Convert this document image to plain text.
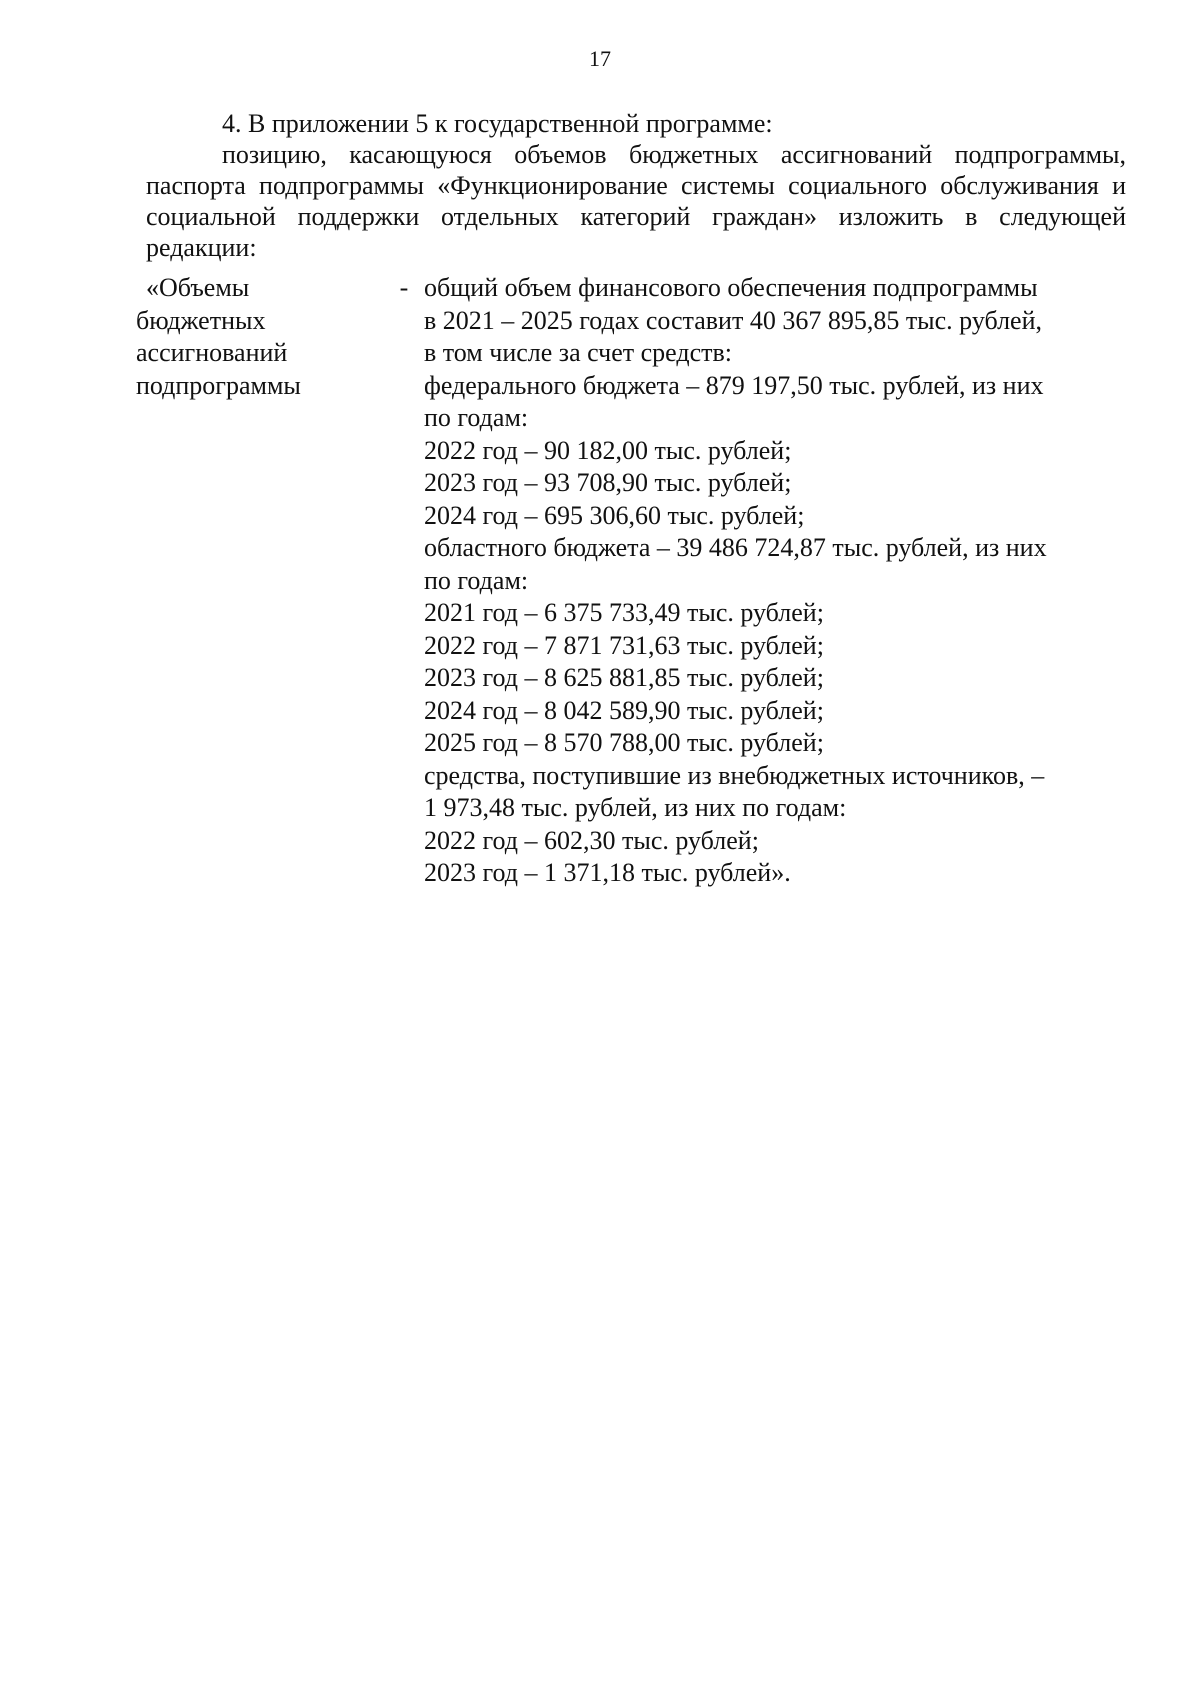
17
4. В приложении 5 к государственной программе:
позицию, касающуюся объемов бюджетных ассигнований подпрограммы, паспорта подпрограммы «Функционирование системы социального обслуживания и социальной поддержки отдельных категорий граждан» изложить в следующей редакции:
«Объемы
бюджетных
ассигнований
подпрограммы
- общий объем финансового обеспечения подпрограммы
в 2021 – 2025 годах составит 40 367 895,85 тыс. рублей,
в том числе за счет средств:
федерального бюджета – 879 197,50 тыс. рублей, из них
по годам:
2022 год – 90 182,00 тыс. рублей;
2023 год – 93 708,90 тыс. рублей;
2024 год – 695 306,60 тыс. рублей;
областного бюджета – 39 486 724,87 тыс. рублей, из них
по годам:
2021 год – 6 375 733,49 тыс. рублей;
2022 год – 7 871 731,63 тыс. рублей;
2023 год – 8 625 881,85 тыс. рублей;
2024 год – 8 042 589,90 тыс. рублей;
2025 год – 8 570 788,00 тыс. рублей;
средства, поступившие из внебюджетных источников, –
1 973,48 тыс. рублей, из них по годам:
2022 год – 602,30 тыс. рублей;
2023 год – 1 371,18 тыс. рублей».
